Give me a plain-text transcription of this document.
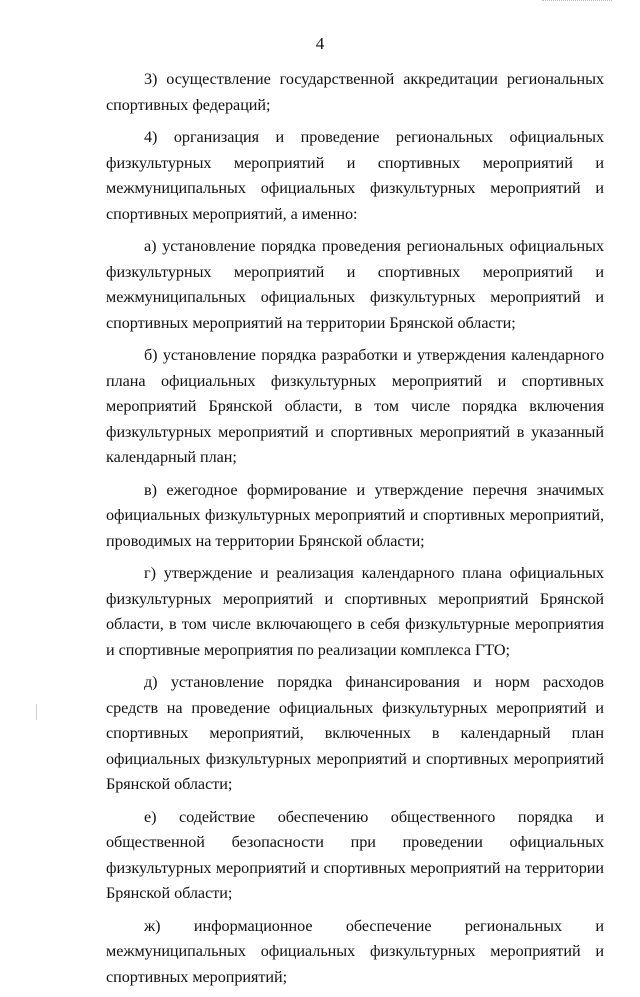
4

3) осуществление государственной аккредитации региональных спортивных федераций;

4) организация и проведение региональных официальных физкультурных мероприятий и спортивных мероприятий и межмуниципальных официальных физкультурных мероприятий и спортивных мероприятий, а именно:

а) установление порядка проведения региональных официальных физкультурных мероприятий и спортивных мероприятий и межмуниципальных официальных физкультурных мероприятий и спортивных мероприятий на территории Брянской области;

б) установление порядка разработки и утверждения календарного плана официальных физкультурных мероприятий и спортивных мероприятий Брянской области, в том числе порядка включения физкультурных мероприятий и спортивных мероприятий в указанный календарный план;

в) ежегодное формирование и утверждение перечня значимых официальных физкультурных мероприятий и спортивных мероприятий, проводимых на территории Брянской области;

г) утверждение и реализация календарного плана официальных физкультурных мероприятий и спортивных мероприятий Брянской области, в том числе включающего в себя физкультурные мероприятия и спортивные мероприятия по реализации комплекса ГТО;

д) установление порядка финансирования и норм расходов средств на проведение официальных физкультурных мероприятий и спортивных мероприятий, включенных в календарный план официальных физкультурных мероприятий и спортивных мероприятий Брянской области;

е) содействие обеспечению общественного порядка и общественной безопасности при проведении официальных физкультурных мероприятий и спортивных мероприятий на территории Брянской области;

ж) информационное обеспечение региональных и межмуниципальных официальных физкультурных мероприятий и спортивных мероприятий;
